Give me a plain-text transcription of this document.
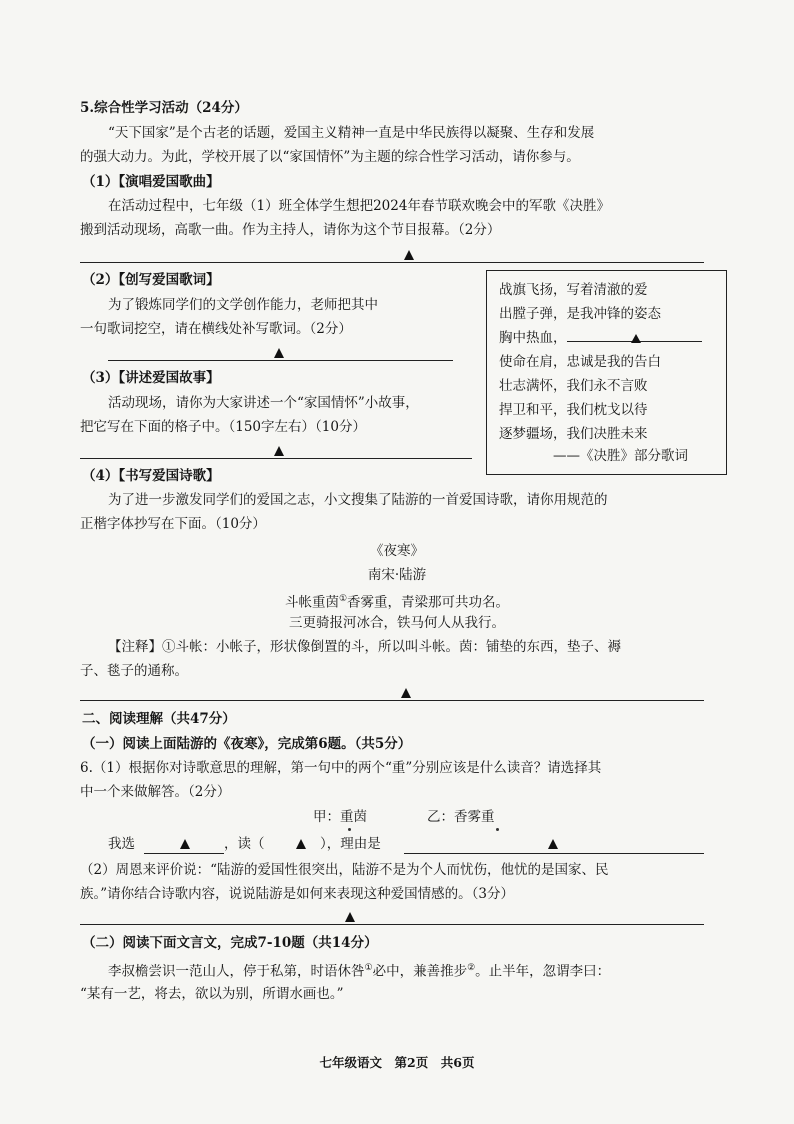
5.综合性学习活动（24分）
“天下国家”是个古老的话题，爱国主义精神一直是中华民族得以凝聚、生存和发展
的强大动力。为此，学校开展了以“家国情怀”为主题的综合性学习活动，请你参与。
（1）【演唱爱国歌曲】
在活动过程中，七年级（1）班全体学生想把2024年春节联欢晚会中的军歌《决胜》
搬到活动现场，高歌一曲。作为主持人，请你为这个节目报幕。（2分）
（2）【创写爱国歌词】
为了锻炼同学们的文学创作能力，老师把其中
一句歌词挖空，请在横线处补写歌词。（2分）
（3）【讲述爱国故事】
活动现场，请你为大家讲述一个“家国情怀”小故事，
把它写在下面的格子中。（150字左右）（10分）
战旗飞扬，写着清澈的爱
出膛子弹，是我冲锋的姿态
胸中热血，
使命在肩，忠诚是我的告白
壮志满怀，我们永不言败
捍卫和平，我们枕戈以待
逐梦疆场，我们决胜未来
——《决胜》部分歌词
（4）【书写爱国诗歌】
为了进一步激发同学们的爱国之志，小文搜集了陆游的一首爱国诗歌，请你用规范的
正楷字体抄写在下面。（10分）
《夜寒》
南宋·陆游
斗帐重茵①香雾重，青梁那可共功名。
三更骑报河冰合，铁马何人从我行。
【注释】①斗帐：小帐子，形状像倒置的斗，所以叫斗帐。茵：铺垫的东西，垫子、褥
子、毯子的通称。
二、阅读理解（共47分）
（一）阅读上面陆游的《夜寒》，完成第6题。（共5分）
6.（1）根据你对诗歌意思的理解，第一句中的两个“重”分别应该是什么读音？请选择其
中一个来做解答。（2分）
甲：重茵	乙：香雾重
我选	，读（	），理由是
（2）周恩来评价说：“陆游的爱国性很突出，陆游不是为个人而忧伤，他忧的是国家、民
族。”请你结合诗歌内容，说说陆游是如何来表现这种爱国情感的。（3分）
（二）阅读下面文言文，完成7-10题（共14分）
李叔檐尝识一范山人，停于私第，时语休咎①必中，兼善推步②。止半年，忽谓李曰：
“某有一艺，将去，欲以为别，所谓水画也。”
七年级语文　第2页　共6页
